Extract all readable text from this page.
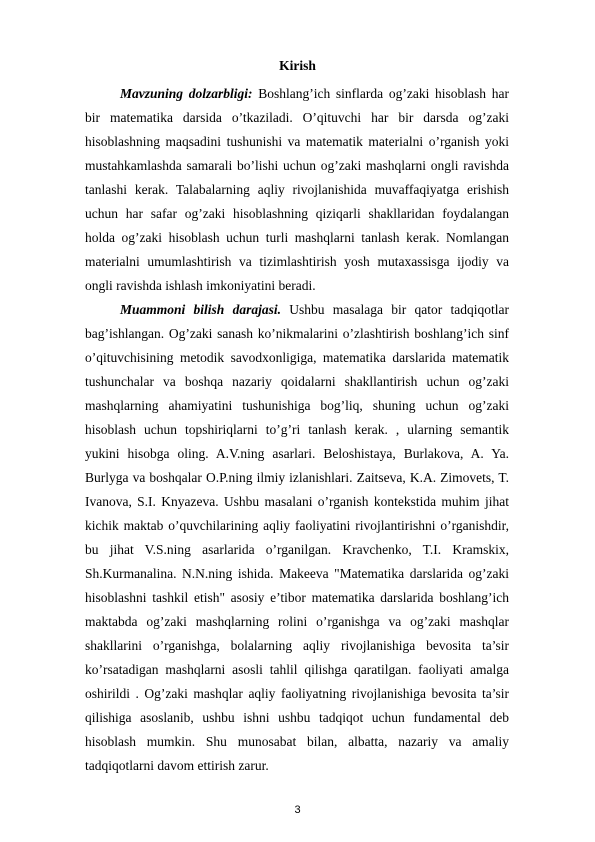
Kirish

Mavzuning dolzarbligi: Boshlang’ich sinflarda og’zaki hisoblash har bir matematika darsida o’tkaziladi. O’qituvchi har bir darsda og’zaki hisoblashning maqsadini tushunishi va matematik materialni o’rganish yoki mustahkamlashda samarali bo’lishi uchun og’zaki mashqlarni ongli ravishda tanlashi kerak. Talabalarning aqliy rivojlanishida muvaffaqiyatga erishish uchun har safar og’zaki hisoblashning qiziqarli shakllaridan foydalangan holda og’zaki hisoblash uchun turli mashqlarni tanlash kerak. Nomlangan materialni umumlashtirish va tizimlashtirish yosh mutaxassisga ijodiy va ongli ravishda ishlash imkoniyatini beradi.

Muammoni bilish darajasi. Ushbu masalaga bir qator tadqiqotlar bag’ishlangan. Og’zaki sanash ko’nikmalarini o’zlashtirish boshlang’ich sinf o’qituvchisining metodik savodxonligiga, matematika darslarida matematik tushunchalar va boshqa nazariy qoidalarni shakllantirish uchun og’zaki mashqlarning ahamiyatini tushunishiga bog’liq, shuning uchun og’zaki hisoblash uchun topshiriqlarni to’g’ri tanlash kerak. , ularning semantik yukini hisobga oling. A.V.ning asarlari. Beloshistaya, Burlakova, A. Ya. Burlyga va boshqalar O.P.ning ilmiy izlanishlari. Zaitseva, K.A. Zimovets, T. Ivanova, S.I. Knyazeva. Ushbu masalani o’rganish kontekstida muhim jihat kichik maktab o’quvchilarining aqliy faoliyatini rivojlantirishni o’rganishdir, bu jihat V.S.ning asarlarida o’rganilgan. Kravchenko, T.I. Kramskix, Sh.Kurmanalina. N.N.ning ishida. Makeeva "Matematika darslarida og’zaki hisoblashni tashkil etish" asosiy e’tibor matematika darslarida boshlang’ich maktabda og’zaki mashqlarning rolini o’rganishga va og’zaki mashqlar shakllarini o’rganishga, bolalarning aqliy rivojlanishiga bevosita ta’sir ko’rsatadigan mashqlarni asosli tahlil qilishga qaratilgan. faoliyati amalga oshirildi . Og’zaki mashqlar aqliy faoliyatning rivojlanishiga bevosita ta’sir qilishiga asoslanib, ushbu ishni ushbu tadqiqot uchun fundamental deb hisoblash mumkin. Shu munosabat bilan, albatta, nazariy va amaliy tadqiqotlarni davom ettirish zarur.

3
